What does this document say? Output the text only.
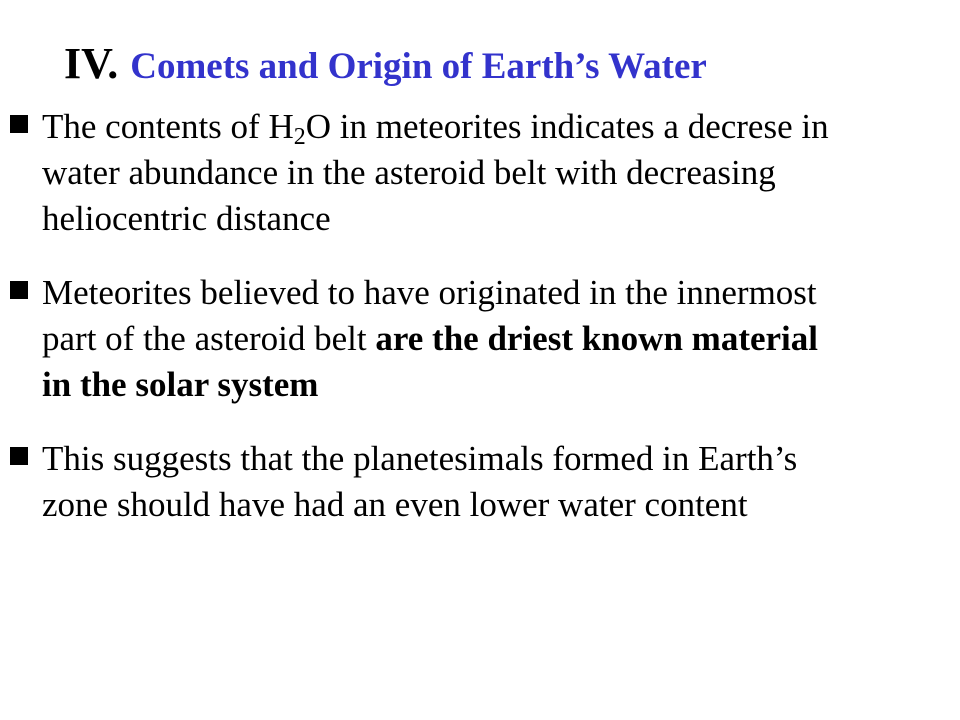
IV. Comets and Origin of Earth’s Water
The contents of $H_2O$ in meteorites indicates a decrese in water abundance in the asteroid belt with decreasing heliocentric distance
Meteorites believed to have originated in the innermost part of the asteroid belt are the driest known material in the solar system
This suggests that the planetesimals formed in Earth’s zone should have had an even lower water content
